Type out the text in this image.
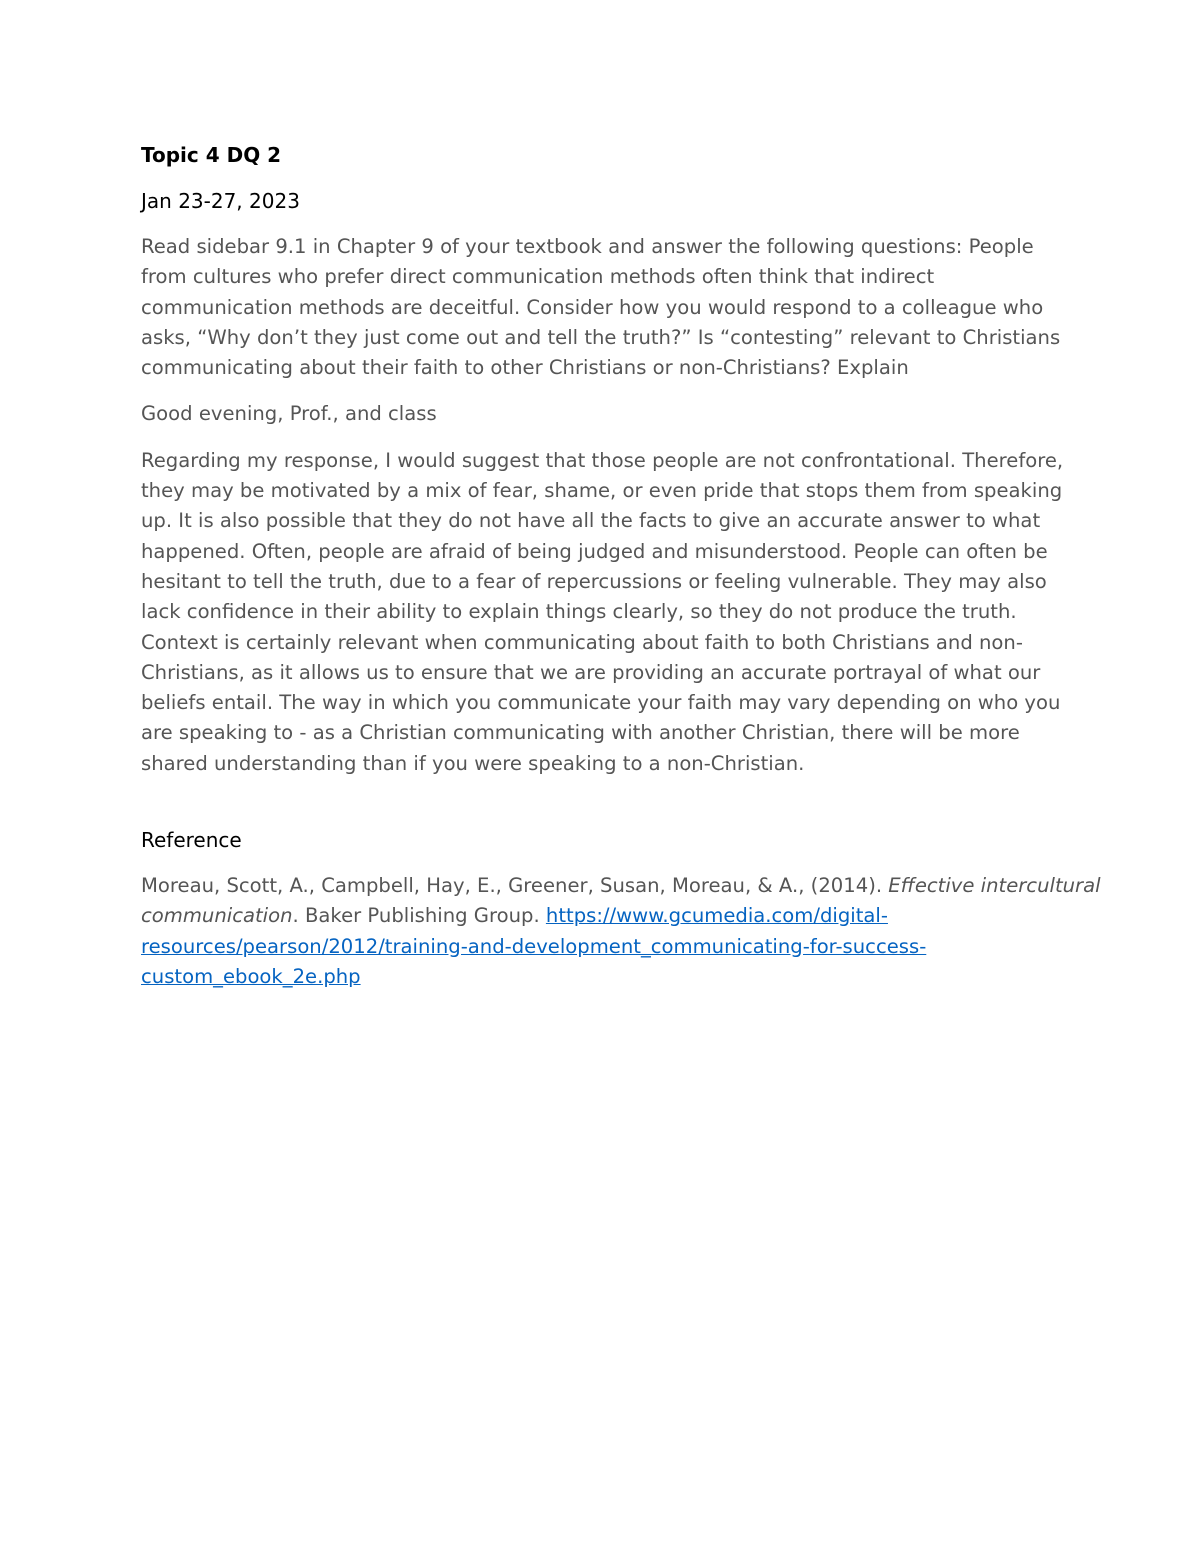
Topic 4 DQ 2
Jan 23-27, 2023
Read sidebar 9.1 in Chapter 9 of your textbook and answer the following questions: People
from cultures who prefer direct communication methods often think that indirect
communication methods are deceitful. Consider how you would respond to a colleague who
asks, “Why don’t they just come out and tell the truth?” Is “contesting” relevant to Christians
communicating about their faith to other Christians or non-Christians? Explain
Good evening, Prof., and class
Regarding my response, I would suggest that those people are not confrontational. Therefore,
they may be motivated by a mix of fear, shame, or even pride that stops them from speaking
up. It is also possible that they do not have all the facts to give an accurate answer to what
happened. Often, people are afraid of being judged and misunderstood. People can often be
hesitant to tell the truth, due to a fear of repercussions or feeling vulnerable. They may also
lack confidence in their ability to explain things clearly, so they do not produce the truth.
Context is certainly relevant when communicating about faith to both Christians and non-
Christians, as it allows us to ensure that we are providing an accurate portrayal of what our
beliefs entail. The way in which you communicate your faith may vary depending on who you
are speaking to - as a Christian communicating with another Christian, there will be more
shared understanding than if you were speaking to a non-Christian.
Reference
Moreau, Scott, A., Campbell, Hay, E., Greener, Susan, Moreau, & A., (2014). Effective intercultural
communication. Baker Publishing Group. https://www.gcumedia.com/digital-
resources/pearson/2012/training-and-development_communicating-for-success-
custom_ebook_2e.php
